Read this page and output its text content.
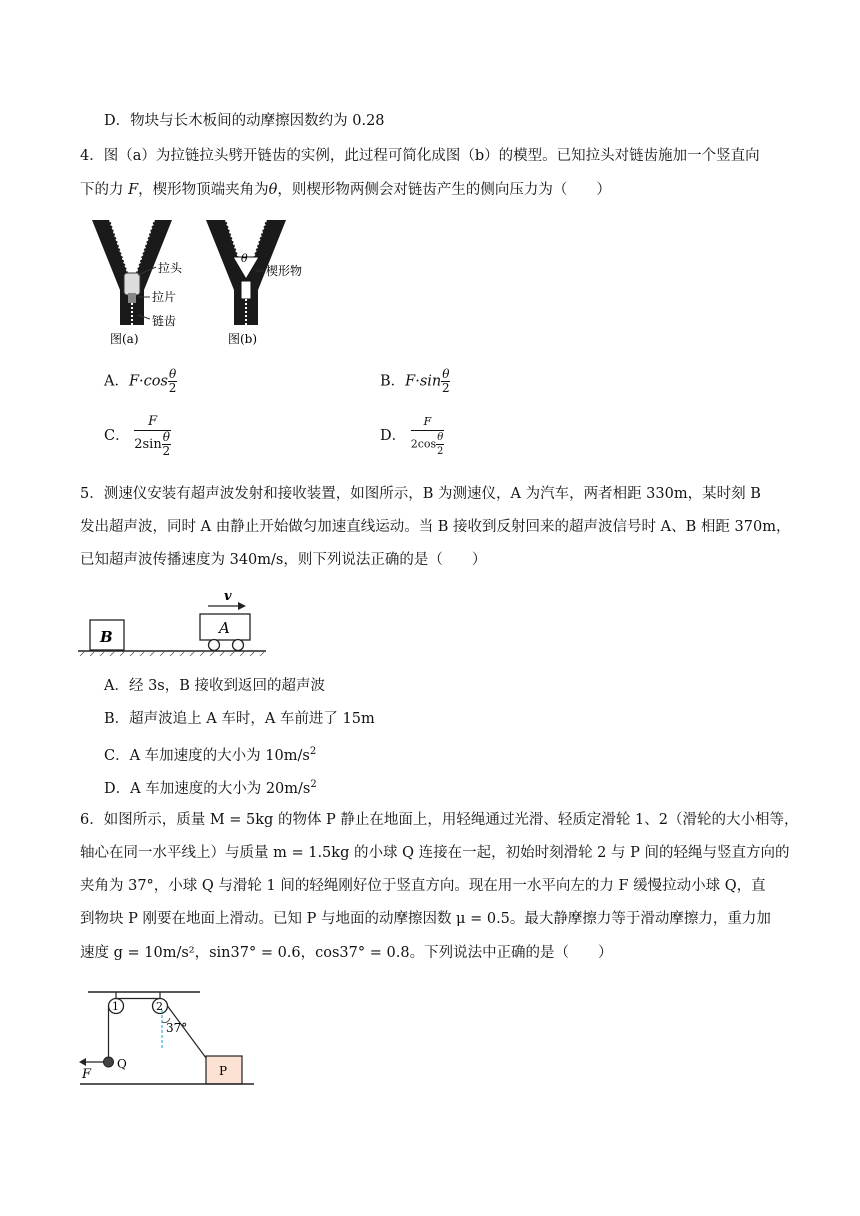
D．物块与长木板间的动摩擦因数约为 0.28
4．图（a）为拉链拉头劈开链齿的实例，此过程可简化成图（b）的模型。已知拉头对链齿施加一个竖直向
下的力 F，楔形物顶端夹角为θ，则楔形物两侧会对链齿产生的侧向压力为（　　）
拉头
拉片
链齿
图(a)
θ
楔形物
图(b)
A．$F\cdot\cos \frac{\theta}{2}$	B．$F\cdot\sin \frac{\theta}{2}$
C． $\frac{F}{2\sin \frac{\theta}{2}}$	D． $\frac{F}{2\cos \frac{\theta}{2}}$
5．测速仪安装有超声波发射和接收装置，如图所示，B 为测速仪，A 为汽车，两者相距 330m，某时刻 B
发出超声波，同时 A 由静止开始做匀加速直线运动。当 B 接收到反射回来的超声波信号时 A、B 相距 370m，
已知超声波传播速度为 340m/s，则下列说法正确的是（　　）
B	A
v
A．经 3s，B 接收到返回的超声波
B．超声波追上 A 车时，A 车前进了 15m
C．A 车加速度的大小为 $10m/s^2$
D．A 车加速度的大小为 $20m/s^2$
6．如图所示，质量 M = 5kg 的物体 P 静止在地面上，用轻绳通过光滑、轻质定滑轮 1、2（滑轮的大小相等，
轴心在同一水平线上）与质量 m = 1.5kg 的小球 Q 连接在一起，初始时刻滑轮 2 与 P 间的轻绳与竖直方向的
夹角为 37°，小球 Q 与滑轮 1 间的轻绳刚好位于竖直方向。现在用一水平向左的力 F 缓慢拉动小球 Q，直
到物块 P 刚要在地面上滑动。已知 P 与地面的动摩擦因数 μ = 0.5。最大静摩擦力等于滑动摩擦力，重力加
速度 g = 10m/s²，sin37° = 0.6，cos37° = 0.8。下列说法中正确的是（　　）
1	2
37°
Q
F	P
